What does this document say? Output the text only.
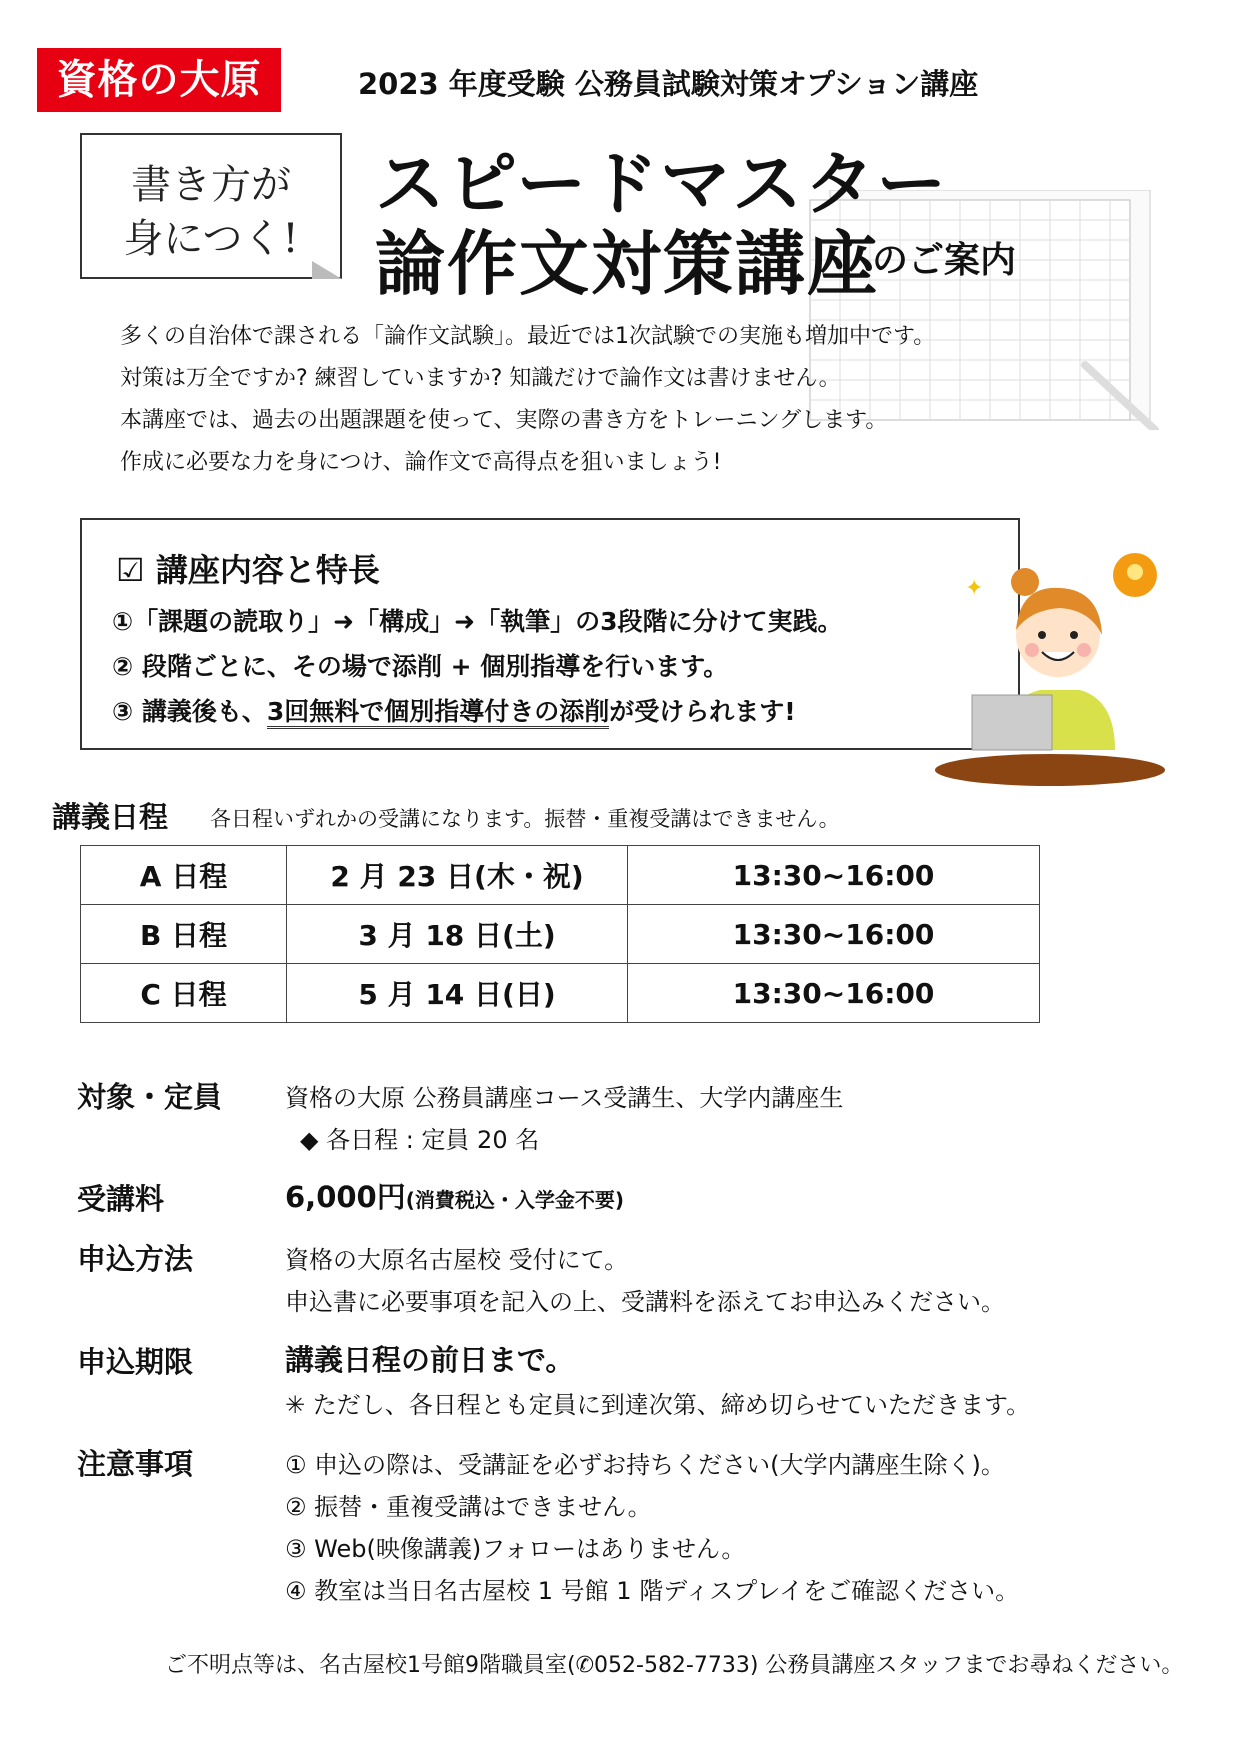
資格の大原	2023 年度受験 公務員試験対策オプション講座
書き方が
身につく!
スピードマスター
論作文対策講座
のご案内
多くの自治体で課される「論作文試験」。最近では1次試験での実施も増加中です。
対策は万全ですか? 練習していますか? 知識だけで論作文は書けません。
本講座では、過去の出題課題を使って、実際の書き方をトレーニングします。
作成に必要な力を身につけ、論作文で高得点を狙いましょう!
☑ 講座内容と特長
①「課題の読取り」➜「構成」➜「執筆」の3段階に分けて実践。
② 段階ごとに、その場で添削 + 個別指導を行います。
③ 講義後も、3回無料で個別指導付きの添削が受けられます!
✦
講義日程 各日程いずれかの受講になります。振替・重複受講はできません。
A 日程	2 月 23 日(木・祝)	13:30~16:00
B 日程	3 月 18 日(土)	13:30~16:00
C 日程	5 月 14 日(日)	13:30~16:00
対象・定員	資格の大原 公務員講座コース受講生、大学内講座生
◆ 各日程 : 定員 20 名
受講料	6,000円(消費税込・入学金不要)
申込方法	資格の大原名古屋校 受付にて。
申込書に必要事項を記入の上、受講料を添えてお申込みください。
申込期限	講義日程の前日まで。
✳ ただし、各日程とも定員に到達次第、締め切らせていただきます。
注意事項	① 申込の際は、受講証を必ずお持ちください(大学内講座生除く)。
② 振替・重複受講はできません。
③ Web(映像講義)フォローはありません。
④ 教室は当日名古屋校 1 号館 1 階ディスプレイをご確認ください。
ご不明点等は、名古屋校1号館9階職員室(✆052-582-7733) 公務員講座スタッフまでお尋ねください。
